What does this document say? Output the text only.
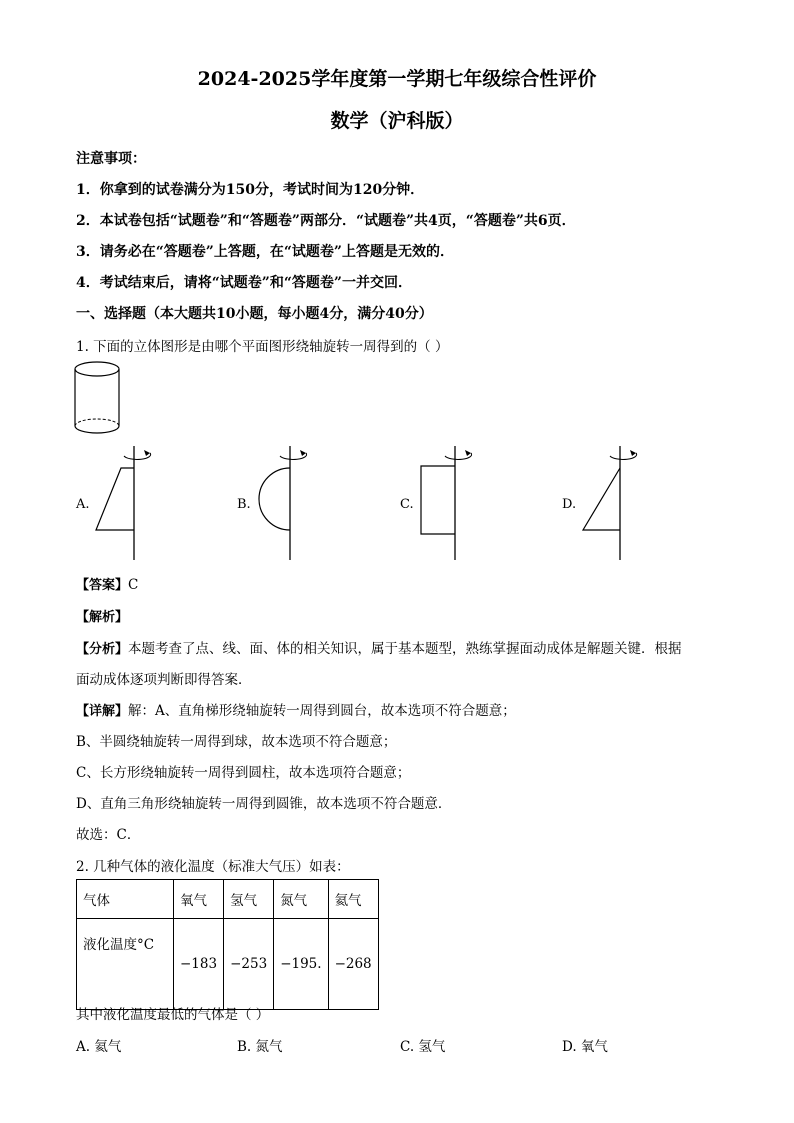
2024-2025学年度第一学期七年级综合性评价
数学（沪科版）
注意事项：
1．你拿到的试卷满分为150分，考试时间为120分钟．
2．本试卷包括“试题卷”和“答题卷”两部分．“试题卷”共4页，“答题卷”共6页．
3．请务必在“答题卷”上答题，在“试题卷”上答题是无效的．
4．考试结束后，请将“试题卷”和“答题卷”一并交回．
一、选择题（本大题共10小题，每小题4分，满分40分）
1. 下面的立体图形是由哪个平面图形绕轴旋转一周得到的（ ）
A.	B.	C.	D.
【答案】C
【解析】
【分析】本题考查了点、线、面、体的相关知识，属于基本题型，熟练掌握面动成体是解题关键．根据
面动成体逐项判断即得答案．
【详解】解：A、直角梯形绕轴旋转一周得到圆台，故本选项不符合题意；
B、半圆绕轴旋转一周得到球，故本选项不符合题意；
C、长方形绕轴旋转一周得到圆柱，故本选项符合题意；
D、直角三角形绕轴旋转一周得到圆锥，故本选项不符合题意．
故选：C．
2. 几种气体的液化温度（标准大气压）如表：
气体	氧气	氢气	氮气	氦气
液化温度°C	−183	−253	−195.	−268
其中液化温度最低的气体是（ ）
A. 氦气	B. 氮气	C. 氢气	D. 氧气
